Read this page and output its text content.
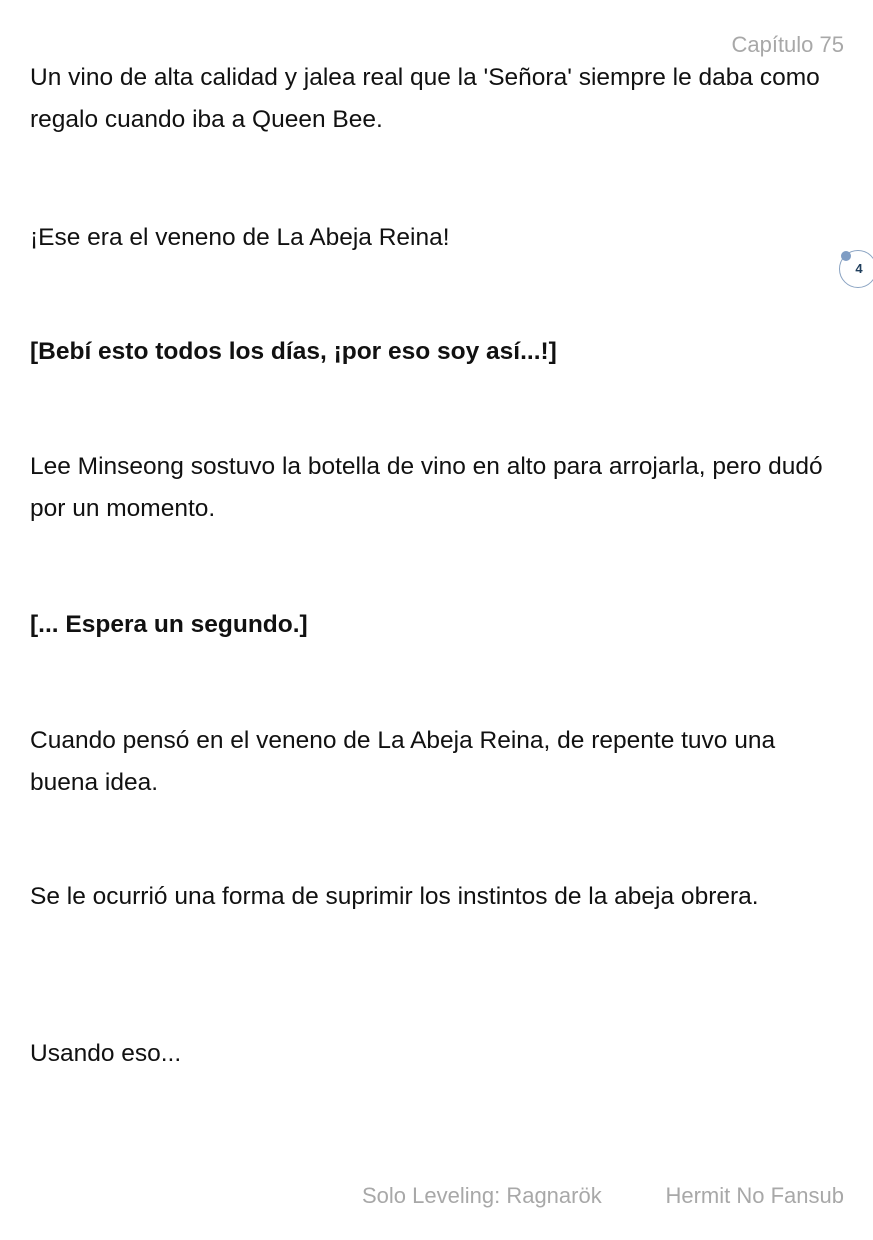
Capítulo 75

Un vino de alta calidad y jalea real que la 'Señora' siempre le daba como regalo cuando iba a Queen Bee.

¡Ese era el veneno de La Abeja Reina!

[Bebí esto todos los días, ¡por eso soy así...!]

Lee Minseong sostuvo la botella de vino en alto para arrojarla, pero dudó por un momento.

[... Espera un segundo.]

Cuando pensó en el veneno de La Abeja Reina, de repente tuvo una buena idea.

Se le ocurrió una forma de suprimir los instintos de la abeja obrera.

Usando eso...

4
Solo Leveling: Ragnarök	Hermit No Fansub
